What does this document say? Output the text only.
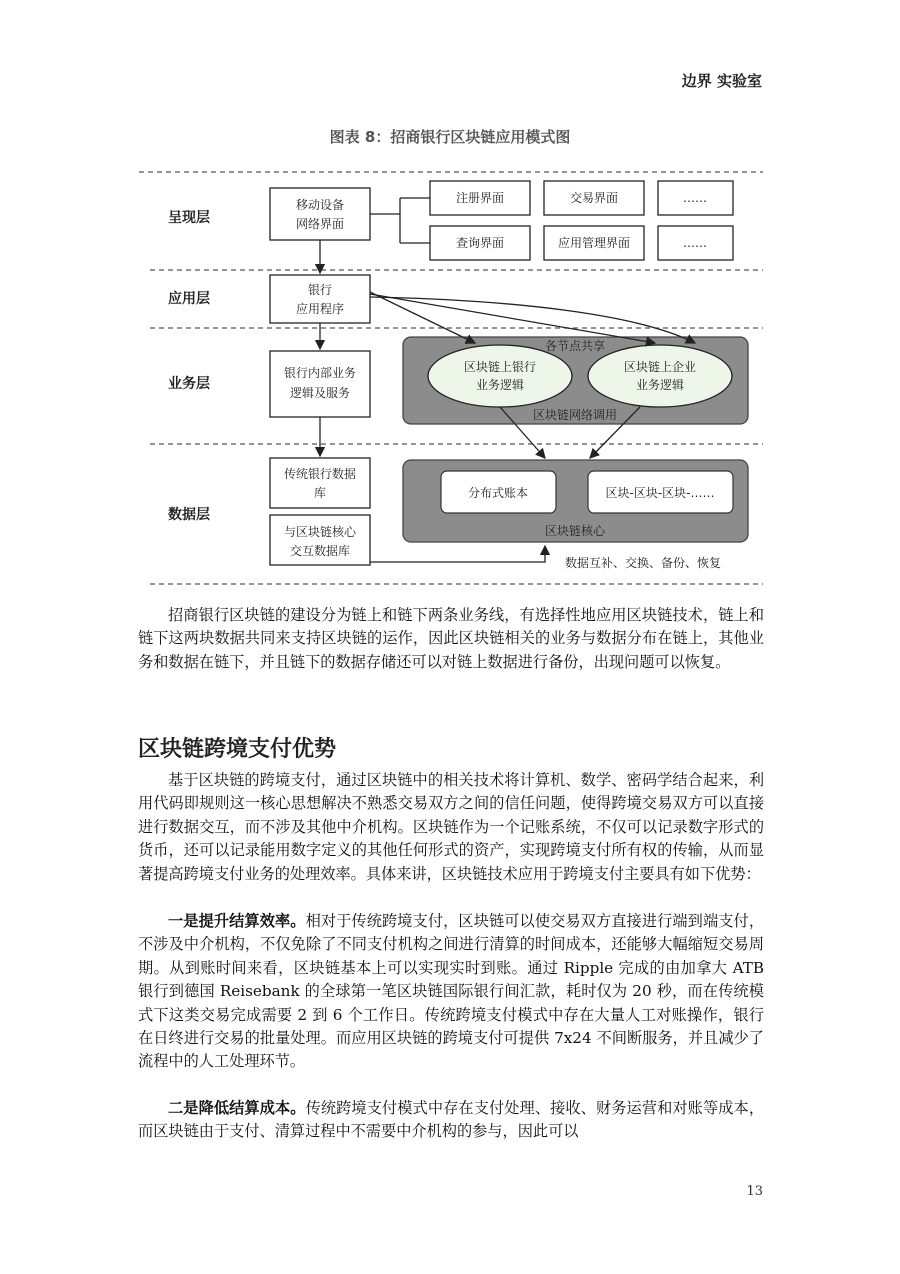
边界 实验室
图表 8：招商银行区块链应用模式图
呈现层
应用层
业务层
数据层
移动设备
网络界面
注册界面	交易界面	……
查询界面	应用管理界面	……
银行
应用程序
银行内部业务
逻辑及服务
传统银行数据
库
与区块链核心
交互数据库
分布式账本	区块-区块-区块-……
区块链上银行
业务逻辑
区块链上企业
业务逻辑
各节点共享
区块链网络调用
区块链核心
数据互补、交换、备份、恢复

招商银行区块链的建设分为链上和链下两条业务线，有选择性地应用区块链技术，链上和链下这两块数据共同来支持区块链的运作，因此区块链相关的业务与数据分布在链上，其他业务和数据在链下，并且链下的数据存储还可以对链上数据进行备份，出现问题可以恢复。

区块链跨境支付优势

基于区块链的跨境支付，通过区块链中的相关技术将计算机、数学、密码学结合起来，利用代码即规则这一核心思想解决不熟悉交易双方之间的信任问题，使得跨境交易双方可以直接进行数据交互，而不涉及其他中介机构。区块链作为一个记账系统，不仅可以记录数字形式的货币，还可以记录能用数字定义的其他任何形式的资产，实现跨境支付所有权的传输，从而显著提高跨境支付业务的处理效率。具体来讲，区块链技术应用于跨境支付主要具有如下优势：

一是提升结算效率。相对于传统跨境支付，区块链可以使交易双方直接进行端到端支付，不涉及中介机构，不仅免除了不同支付机构之间进行清算的时间成本，还能够大幅缩短交易周期。从到账时间来看，区块链基本上可以实现实时到账。通过 Ripple 完成的由加拿大 ATB 银行到德国 Reisebank 的全球第一笔区块链国际银行间汇款，耗时仅为 20 秒，而在传统模式下这类交易完成需要 2 到 6 个工作日。传统跨境支付模式中存在大量人工对账操作，银行在日终进行交易的批量处理。而应用区块链的跨境支付可提供 7x24 不间断服务，并且减少了流程中的人工处理环节。

二是降低结算成本。传统跨境支付模式中存在支付处理、接收、财务运营和对账等成本，而区块链由于支付、清算过程中不需要中介机构的参与，因此可以

13
